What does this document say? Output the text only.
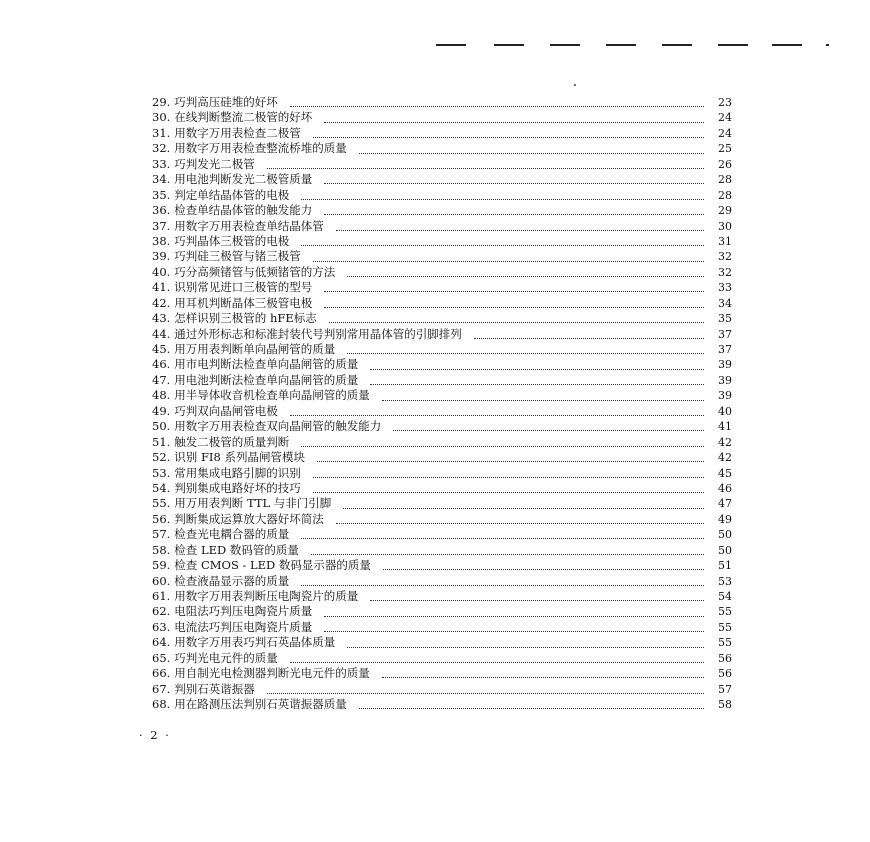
29. 巧判高压硅堆的好坏	23
30. 在线判断整流二极管的好坏	24
31. 用数字万用表检查二极管	24
32. 用数字万用表检查整流桥堆的质量	25
33. 巧判发光二极管	26
34. 用电池判断发光二极管质量	28
35. 判定单结晶体管的电极	28
36. 检查单结晶体管的触发能力	29
37. 用数字万用表检查单结晶体管	30
38. 巧判晶体三极管的电极	31
39. 巧判硅三极管与锗三极管	32
40. 巧分高频锗管与低频锗管的方法	32
41. 识别常见进口三极管的型号	33
42. 用耳机判断晶体三极管电极	34
43. 怎样识别三极管的 hFE标志	35
44. 通过外形标志和标准封装代号判别常用晶体管的引脚排列	37
45. 用万用表判断单向晶闸管的质量	37
46. 用市电判断法检查单向晶闸管的质量	39
47. 用电池判断法检查单向晶闸管的质量	39
48. 用半导体收音机检查单向晶闸管的质量	39
49. 巧判双向晶闸管电极	40
50. 用数字万用表检查双向晶闸管的触发能力	41
51. 触发二极管的质量判断	42
52. 识别 FI8 系列晶闸管模块	42
53. 常用集成电路引脚的识别	45
54. 判别集成电路好坏的技巧	46
55. 用万用表判断 TTL 与非门引脚	47
56. 判断集成运算放大器好坏简法	49
57. 检查光电耦合器的质量	50
58. 检查 LED 数码管的质量	50
59. 检查 CMOS - LED 数码显示器的质量	51
60. 检查液晶显示器的质量	53
61. 用数字万用表判断压电陶瓷片的质量	54
62. 电阻法巧判压电陶瓷片质量	55
63. 电流法巧判压电陶瓷片质量	55
64. 用数字万用表巧判石英晶体质量	55
65. 巧判光电元件的质量	56
66. 用自制光电检测器判断光电元件的质量	56
67. 判别石英谐振器	57
68. 用在路测压法判别石英谐振器质量	58
· 2 ·
